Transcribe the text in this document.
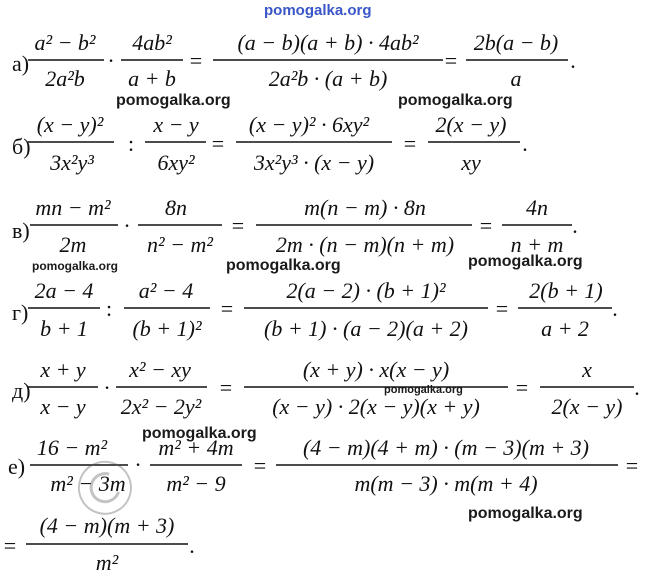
а)
a² − b²
2a²b
·
4ab²
a + b
=
(a − b)(a + b) · 4ab²
2a²b · (a + b)
=
2b(a − b)
a
.
б)
(x − y)²
3x²y³
:
x − y
6xy²
=
(x − y)² · 6xy²
3x²y³ · (x − y)
=
2(x − y)
xy
.
в)
mn − m²
2m
·
8n
n² − m²
=
m(n − m) · 8n
2m · (n − m)(n + m)
=
4n
n + m
.
г)
2a − 4
b + 1
:
a² − 4
(b + 1)²
=
2(a − 2) · (b + 1)²
(b + 1) · (a − 2)(a + 2)
=
2(b + 1)
a + 2
.
д)
x + y
x − y
·
x² − xy
2x² − 2y²
=
(x + y) · x(x − y)
(x − y) · 2(x − y)(x + y)
=
x
2(x − y)
.
е)
16 − m²
m² − 3m
·
m² + 4m
m² − 9
=
(4 − m)(4 + m) · (m − 3)(m + 3)
m(m − 3) · m(m + 4)
=
=
(4 − m)(m + 3)
m²
.
pomogalka.org
pomogalka.org	pomogalka.org
pomogalka.org	pomogalka.org	pomogalka.org
pomogalka.org
pomogalka.org
pomogalka.org
